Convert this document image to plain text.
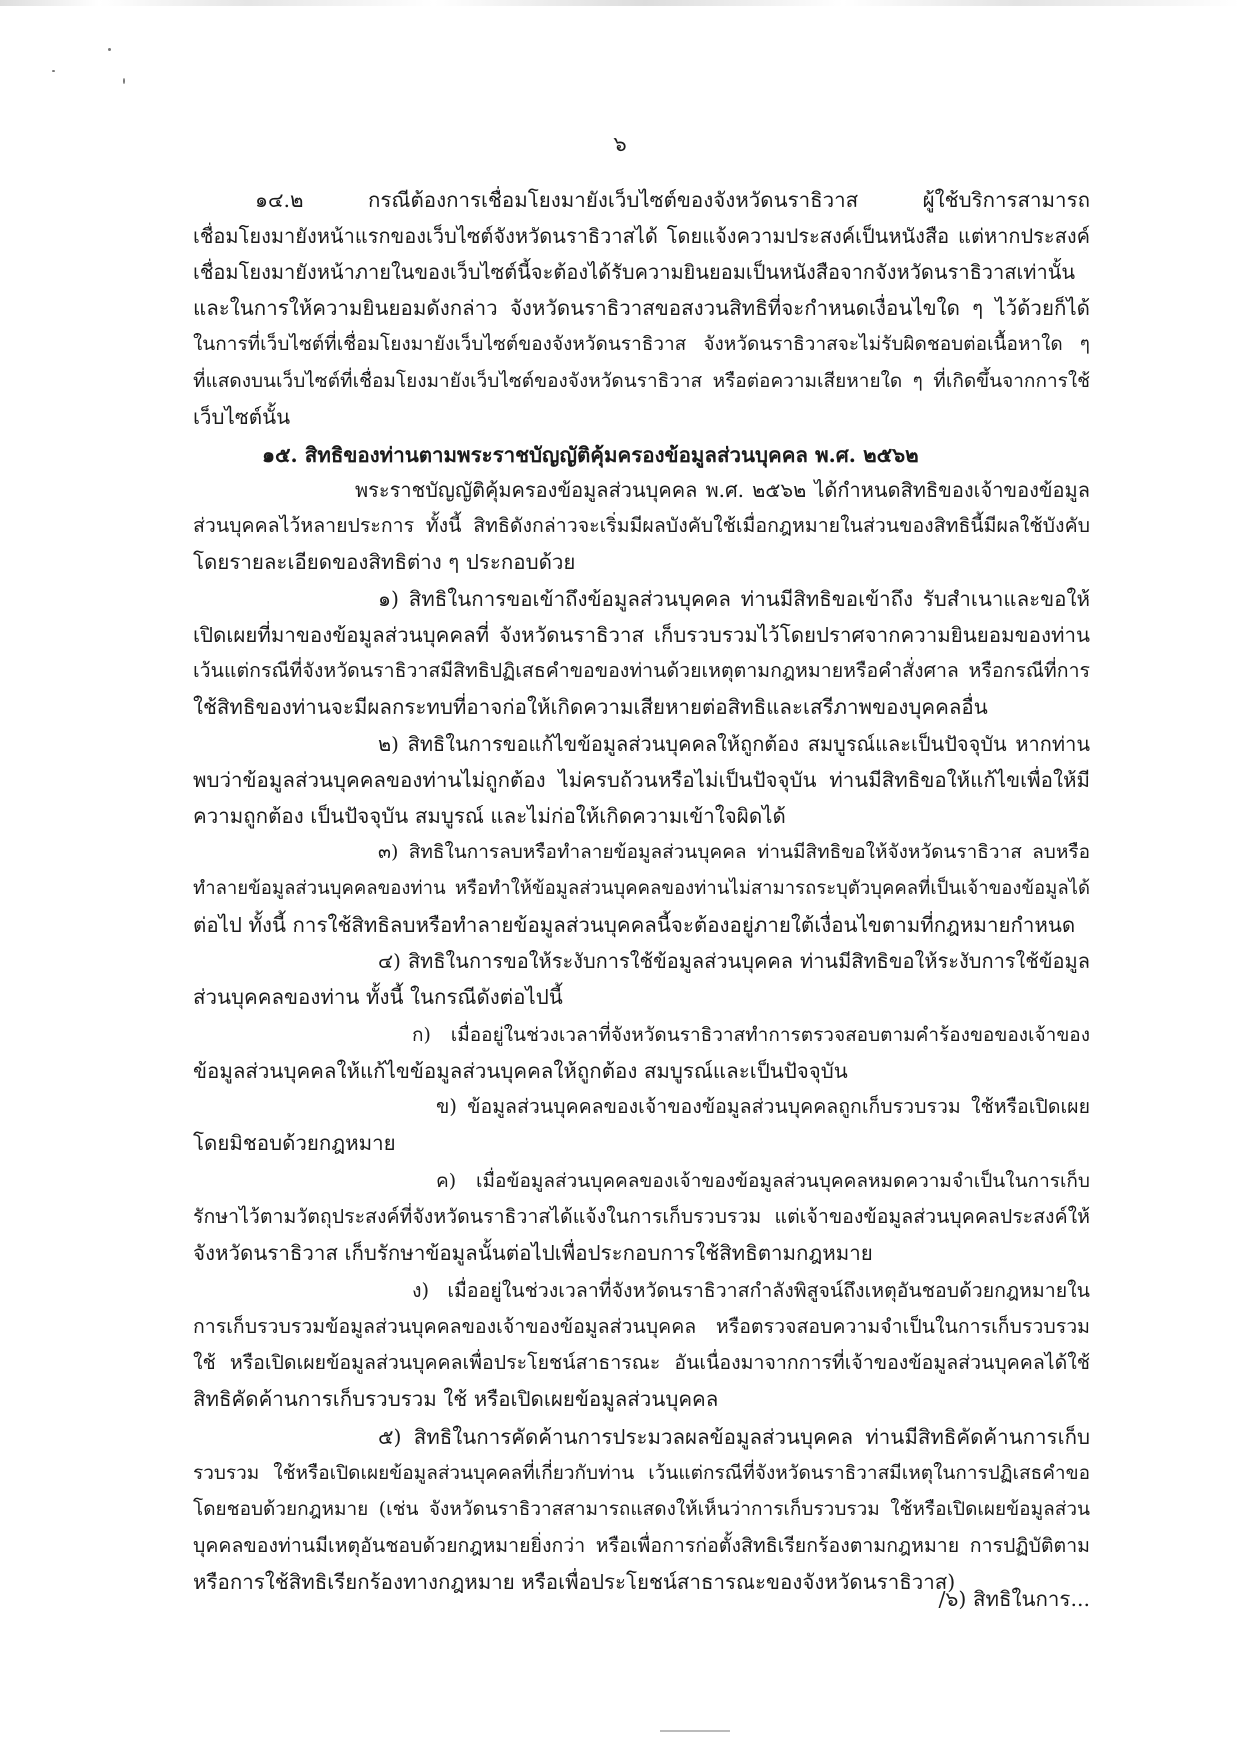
๖
๑๔.๒ กรณีต้องการเชื่อมโยงมายังเว็บไซต์ของจังหวัดนราธิวาส ผู้ใช้บริการสามารถ
เชื่อมโยงมายังหน้าแรกของเว็บไซต์จังหวัดนราธิวาสได้ โดยแจ้งความประสงค์เป็นหนังสือ แต่หากประสงค์
เชื่อมโยงมายังหน้าภายในของเว็บไซต์นี้จะต้องได้รับความยินยอมเป็นหนังสือจากจังหวัดนราธิวาสเท่านั้น
และในการให้ความยินยอมดังกล่าว จังหวัดนราธิวาสขอสงวนสิทธิที่จะกำหนดเงื่อนไขใด ๆ ไว้ด้วยก็ได้
ในการที่เว็บไซต์ที่เชื่อมโยงมายังเว็บไซต์ของจังหวัดนราธิวาส จังหวัดนราธิวาสจะไม่รับผิดชอบต่อเนื้อหาใด ๆ
ที่แสดงบนเว็บไซต์ที่เชื่อมโยงมายังเว็บไซต์ของจังหวัดนราธิวาส หรือต่อความเสียหายใด ๆ ที่เกิดขึ้นจากการใช้
เว็บไซต์นั้น
๑๕. สิทธิของท่านตามพระราชบัญญัติคุ้มครองข้อมูลส่วนบุคคล พ.ศ. ๒๕๖๒
พระราชบัญญัติคุ้มครองข้อมูลส่วนบุคคล พ.ศ. ๒๕๖๒ ได้กำหนดสิทธิของเจ้าของข้อมูล
ส่วนบุคคลไว้หลายประการ ทั้งนี้ สิทธิดังกล่าวจะเริ่มมีผลบังคับใช้เมื่อกฎหมายในส่วนของสิทธินี้มีผลใช้บังคับ
โดยรายละเอียดของสิทธิต่าง ๆ ประกอบด้วย
๑) สิทธิในการขอเข้าถึงข้อมูลส่วนบุคคล ท่านมีสิทธิขอเข้าถึง รับสำเนาและขอให้
เปิดเผยที่มาของข้อมูลส่วนบุคคลที่ จังหวัดนราธิวาส เก็บรวบรวมไว้โดยปราศจากความยินยอมของท่าน
เว้นแต่กรณีที่จังหวัดนราธิวาสมีสิทธิปฏิเสธคำขอของท่านด้วยเหตุตามกฎหมายหรือคำสั่งศาล หรือกรณีที่การ
ใช้สิทธิของท่านจะมีผลกระทบที่อาจก่อให้เกิดความเสียหายต่อสิทธิและเสรีภาพของบุคคลอื่น
๒) สิทธิในการขอแก้ไขข้อมูลส่วนบุคคลให้ถูกต้อง สมบูรณ์และเป็นปัจจุบัน หากท่าน
พบว่าข้อมูลส่วนบุคคลของท่านไม่ถูกต้อง ไม่ครบถ้วนหรือไม่เป็นปัจจุบัน ท่านมีสิทธิขอให้แก้ไขเพื่อให้มี
ความถูกต้อง เป็นปัจจุบัน สมบูรณ์ และไม่ก่อให้เกิดความเข้าใจผิดได้
๓) สิทธิในการลบหรือทำลายข้อมูลส่วนบุคคล ท่านมีสิทธิขอให้จังหวัดนราธิวาส ลบหรือ
ทำลายข้อมูลส่วนบุคคลของท่าน หรือทำให้ข้อมูลส่วนบุคคลของท่านไม่สามารถระบุตัวบุคคลที่เป็นเจ้าของข้อมูลได้
ต่อไป ทั้งนี้ การใช้สิทธิลบหรือทำลายข้อมูลส่วนบุคคลนี้จะต้องอยู่ภายใต้เงื่อนไขตามที่กฎหมายกำหนด
๔) สิทธิในการขอให้ระงับการใช้ข้อมูลส่วนบุคคล ท่านมีสิทธิขอให้ระงับการใช้ข้อมูล
ส่วนบุคคลของท่าน ทั้งนี้ ในกรณีดังต่อไปนี้
ก) เมื่ออยู่ในช่วงเวลาที่จังหวัดนราธิวาสทำการตรวจสอบตามคำร้องขอของเจ้าของ
ข้อมูลส่วนบุคคลให้แก้ไขข้อมูลส่วนบุคคลให้ถูกต้อง สมบูรณ์และเป็นปัจจุบัน
ข) ข้อมูลส่วนบุคคลของเจ้าของข้อมูลส่วนบุคคลถูกเก็บรวบรวม ใช้หรือเปิดเผย
โดยมิชอบด้วยกฎหมาย
ค) เมื่อข้อมูลส่วนบุคคลของเจ้าของข้อมูลส่วนบุคคลหมดความจำเป็นในการเก็บ
รักษาไว้ตามวัตถุประสงค์ที่จังหวัดนราธิวาสได้แจ้งในการเก็บรวบรวม แต่เจ้าของข้อมูลส่วนบุคคลประสงค์ให้
จังหวัดนราธิวาส เก็บรักษาข้อมูลนั้นต่อไปเพื่อประกอบการใช้สิทธิตามกฎหมาย
ง) เมื่ออยู่ในช่วงเวลาที่จังหวัดนราธิวาสกำลังพิสูจน์ถึงเหตุอันชอบด้วยกฎหมายใน
การเก็บรวบรวมข้อมูลส่วนบุคคลของเจ้าของข้อมูลส่วนบุคคล หรือตรวจสอบความจำเป็นในการเก็บรวบรวม
ใช้ หรือเปิดเผยข้อมูลส่วนบุคคลเพื่อประโยชน์สาธารณะ อันเนื่องมาจากการที่เจ้าของข้อมูลส่วนบุคคลได้ใช้
สิทธิคัดค้านการเก็บรวบรวม ใช้ หรือเปิดเผยข้อมูลส่วนบุคคล
๕) สิทธิในการคัดค้านการประมวลผลข้อมูลส่วนบุคคล ท่านมีสิทธิคัดค้านการเก็บ
รวบรวม ใช้หรือเปิดเผยข้อมูลส่วนบุคคลที่เกี่ยวกับท่าน เว้นแต่กรณีที่จังหวัดนราธิวาสมีเหตุในการปฏิเสธคำขอ
โดยชอบด้วยกฎหมาย (เช่น จังหวัดนราธิวาสสามารถแสดงให้เห็นว่าการเก็บรวบรวม ใช้หรือเปิดเผยข้อมูลส่วน
บุคคลของท่านมีเหตุอันชอบด้วยกฎหมายยิ่งกว่า หรือเพื่อการก่อตั้งสิทธิเรียกร้องตามกฎหมาย การปฏิบัติตาม
หรือการใช้สิทธิเรียกร้องทางกฎหมาย หรือเพื่อประโยชน์สาธารณะของจังหวัดนราธิวาส)
/๖) สิทธิในการ...
